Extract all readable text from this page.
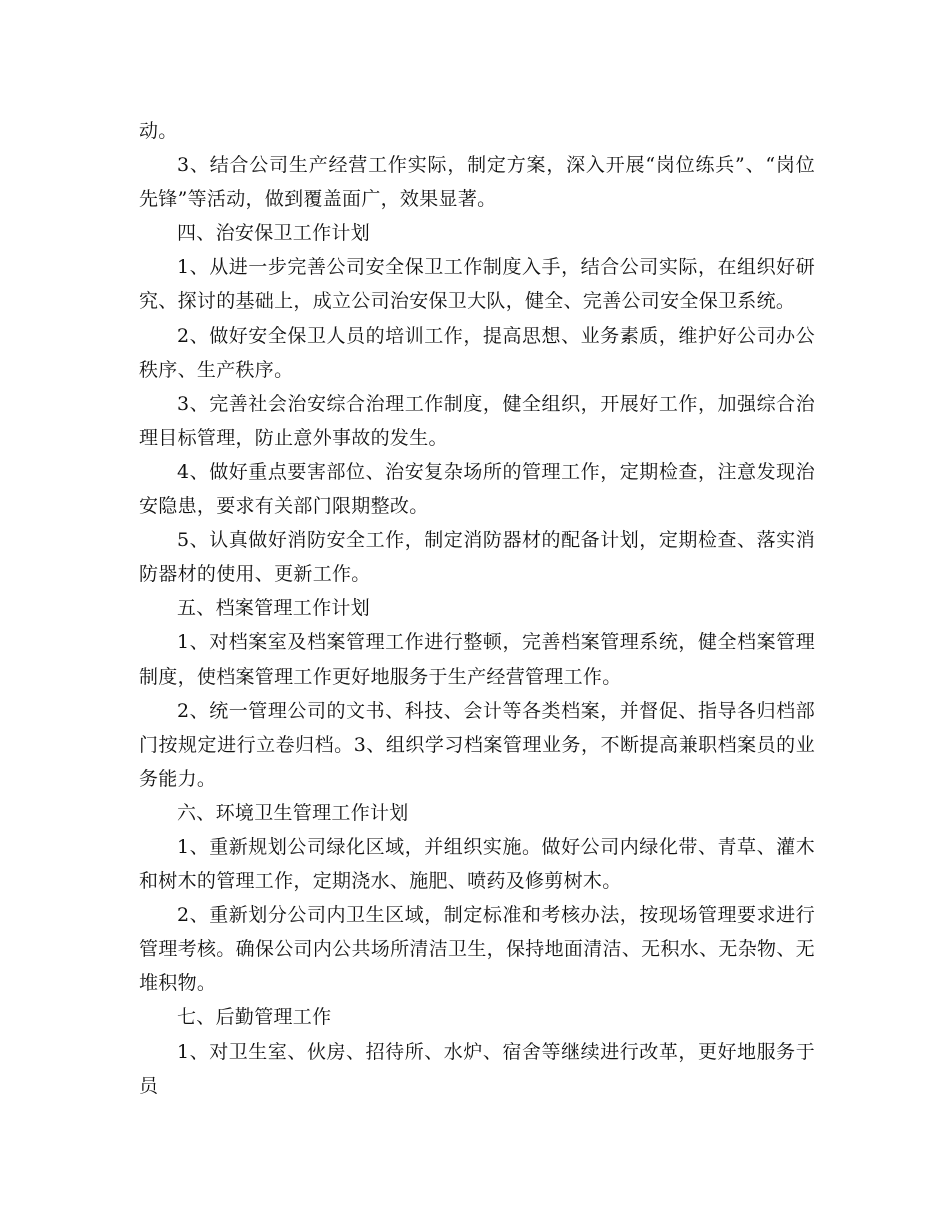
动。

3、结合公司生产经营工作实际，制定方案，深入开展“岗位练兵”、“岗位先锋”等活动，做到覆盖面广，效果显著。

四、治安保卫工作计划

1、从进一步完善公司安全保卫工作制度入手，结合公司实际，在组织好研究、探讨的基础上，成立公司治安保卫大队，健全、完善公司安全保卫系统。

2、做好安全保卫人员的培训工作，提高思想、业务素质，维护好公司办公秩序、生产秩序。

3、完善社会治安综合治理工作制度，健全组织，开展好工作，加强综合治理目标管理，防止意外事故的发生。

4、做好重点要害部位、治安复杂场所的管理工作，定期检查，注意发现治安隐患，要求有关部门限期整改。

5、认真做好消防安全工作，制定消防器材的配备计划，定期检查、落实消防器材的使用、更新工作。

五、档案管理工作计划

1、对档案室及档案管理工作进行整顿，完善档案管理系统，健全档案管理制度，使档案管理工作更好地服务于生产经营管理工作。

2、统一管理公司的文书、科技、会计等各类档案，并督促、指导各归档部门按规定进行立卷归档。3、组织学习档案管理业务，不断提高兼职档案员的业务能力。

六、环境卫生管理工作计划

1、重新规划公司绿化区域，并组织实施。做好公司内绿化带、青草、灌木和树木的管理工作，定期浇水、施肥、喷药及修剪树木。

2、重新划分公司内卫生区域，制定标准和考核办法，按现场管理要求进行管理考核。确保公司内公共场所清洁卫生，保持地面清洁、无积水、无杂物、无堆积物。

七、后勤管理工作

1、对卫生室、伙房、招待所、水炉、宿舍等继续进行改革，更好地服务于员
